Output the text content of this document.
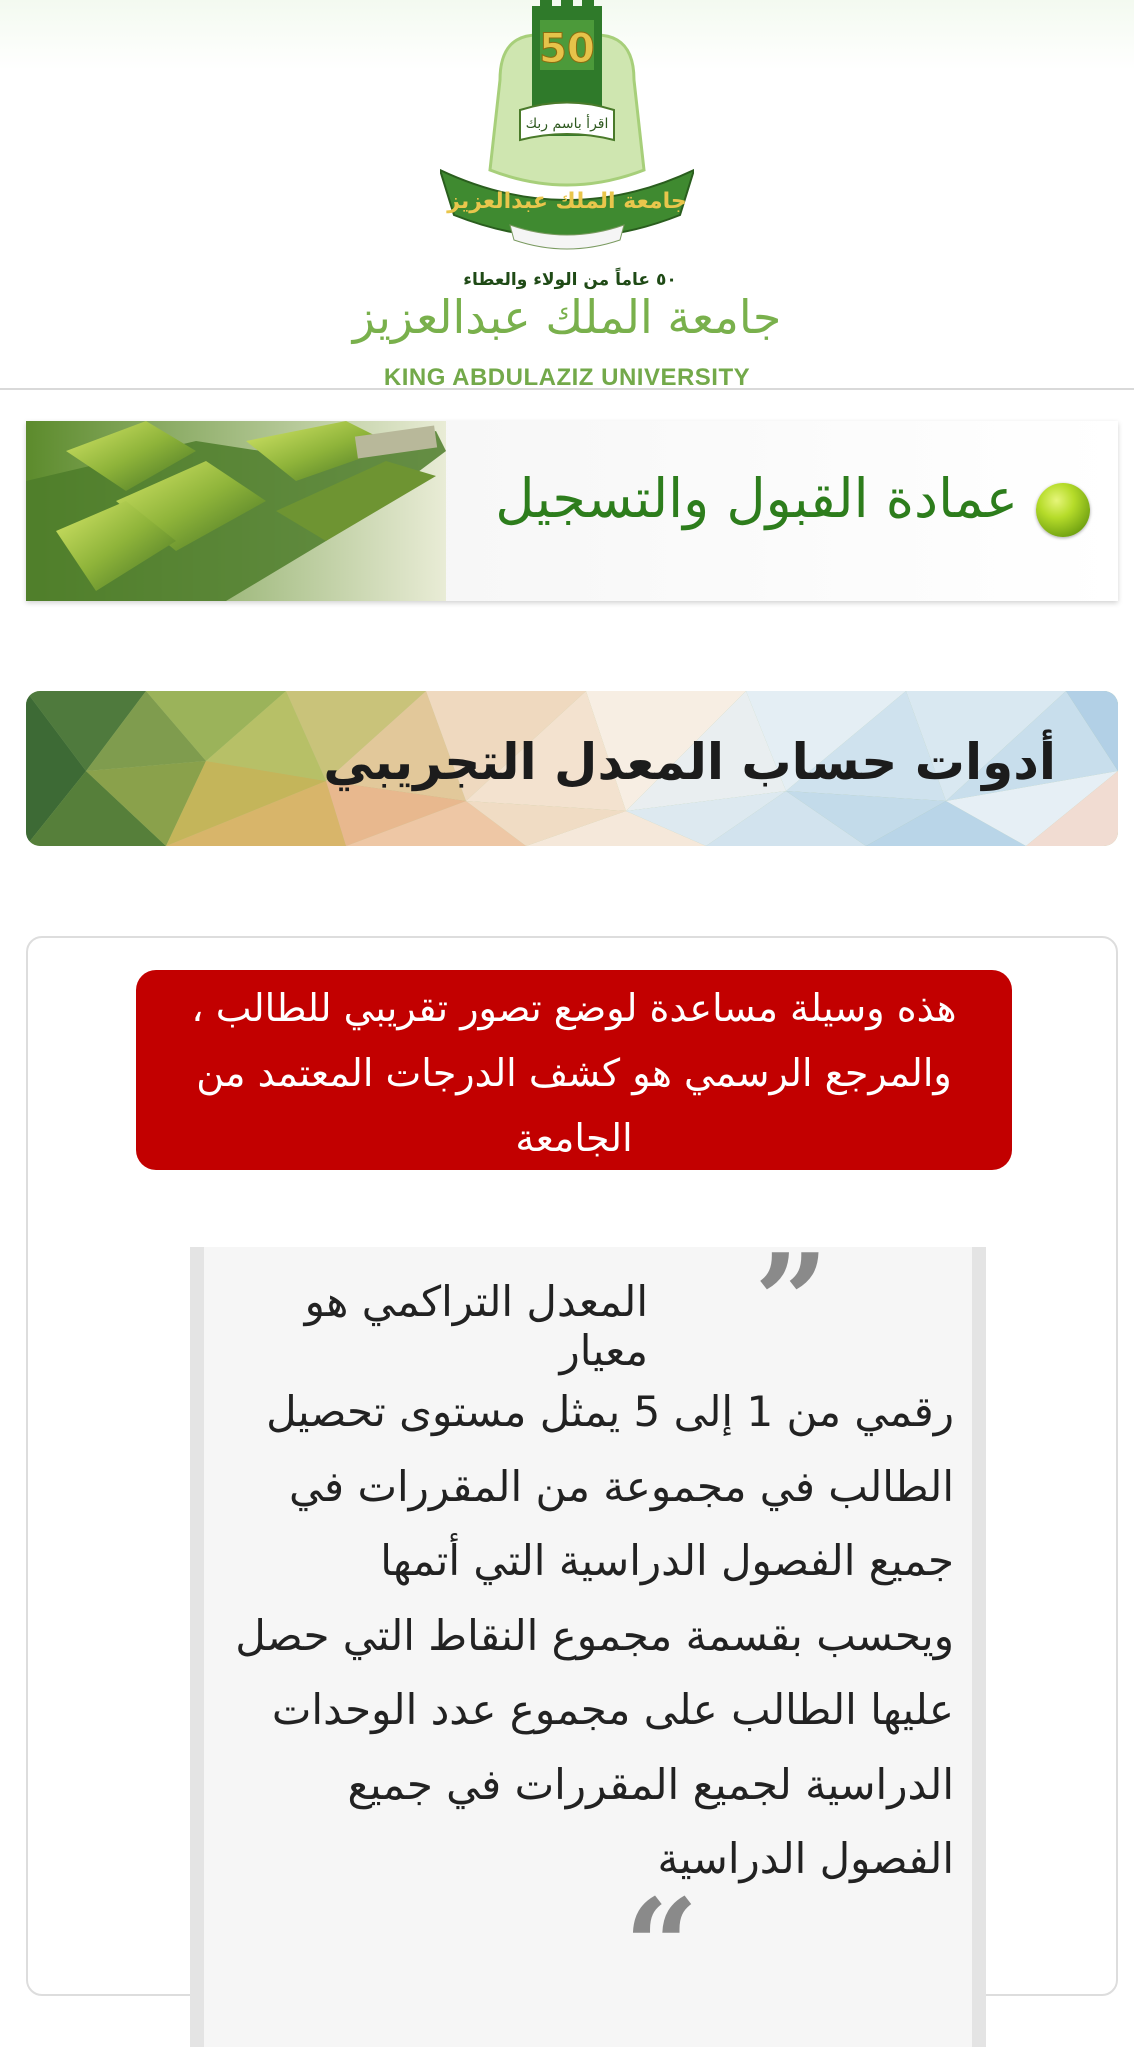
50
اقرأ باسم ربك
جامعة الملك عبدالعزيز
٥٠ عاماً من الولاء والعطاء
جامعة الملك عبدالعزيز
KING ABDULAZIZ UNIVERSITY
عمادة القبول والتسجيل
أدوات حساب المعدل التجريبي
هذه وسيلة مساعدة لوضع تصور تقريبي للطالب ، والمرجع الرسمي هو كشف الدرجات المعتمد من الجامعة
”
المعدل التراكمي هو معيار
رقمي من 1 إلى 5 يمثل مستوى تحصيل الطالب في مجموعة من المقررات في جميع الفصول الدراسية التي أتمها ويحسب بقسمة مجموع النقاط التي حصل عليها الطالب على مجموع عدد الوحدات الدراسية لجميع المقررات في جميع الفصول الدراسية
“
